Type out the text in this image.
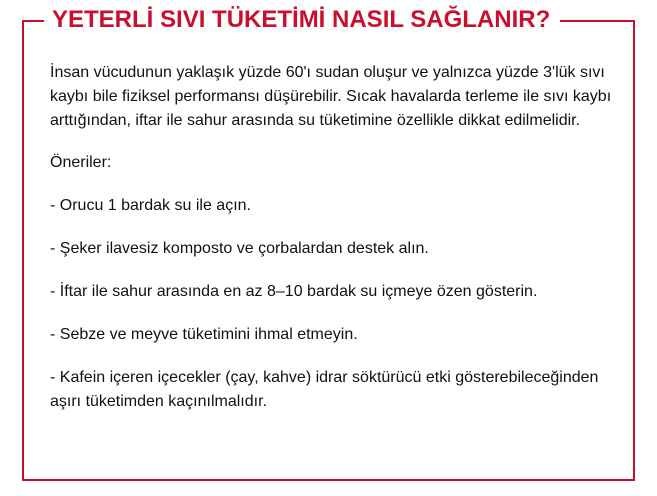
YETERLİ SIVI TÜKETİMİ NASIL SAĞLANIR?

İnsan vücudunun yaklaşık yüzde 60'ı sudan oluşur ve yalnızca yüzde 3'lük sıvı kaybı bile fiziksel performansı düşürebilir. Sıcak havalarda terleme ile sıvı kaybı arttığından, iftar ile sahur arasında su tüketimine özellikle dikkat edilmelidir.

Öneriler:

- Orucu 1 bardak su ile açın.

- Şeker ilavesiz komposto ve çorbalardan destek alın.

- İftar ile sahur arasında en az 8–10 bardak su içmeye özen gösterin.

- Sebze ve meyve tüketimini ihmal etmeyin.

- Kafein içeren içecekler (çay, kahve) idrar söktürücü etki gösterebileceğinden aşırı tüketimden kaçınılmalıdır.
